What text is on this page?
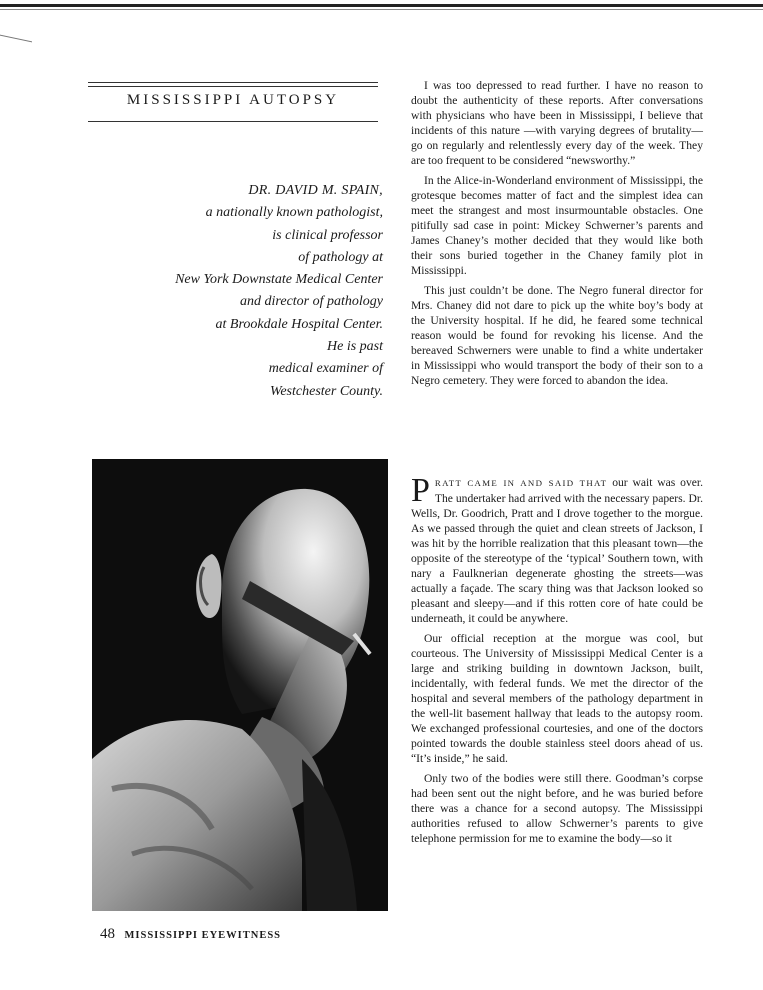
MISSISSIPPI AUTOPSY
DR. DAVID M. SPAIN,
a nationally known pathologist,
is clinical professor
of pathology at
New York Downstate Medical Center
and director of pathology
at Brookdale Hospital Center.
He is past
medical examiner of
Westchester County.

I was too depressed to read further. I have no reason to doubt the authenticity of these reports. After conversations with physicians who have been in Mississippi, I believe that incidents of this nature —with varying degrees of brutality—go on regularly and relentlessly every day of the week. They are too frequent to be considered “newsworthy.”

In the Alice-in-Wonderland environment of Mississippi, the grotesque becomes matter of fact and the simplest idea can meet the strangest and most insurmountable obstacles. One pitifully sad case in point: Mickey Schwerner’s parents and James Chaney’s mother decided that they would like both their sons buried together in the Chaney family plot in Mississippi.

This just couldn’t be done. The Negro funeral director for Mrs. Chaney did not dare to pick up the white boy’s body at the University hospital. If he did, he feared some technical reason would be found for revoking his license. And the bereaved Schwerners were unable to find a white undertaker in Mississippi who would transport the body of their son to a Negro cemetery. They were forced to abandon the idea.

PRATT CAME IN AND SAID THAT our wait was over. The undertaker had arrived with the necessary papers. Dr. Wells, Dr. Goodrich, Pratt and I drove together to the morgue. As we passed through the quiet and clean streets of Jackson, I was hit by the horrible realization that this pleasant town—the opposite of the stereotype of the ‘typical’ Southern town, with nary a Faulknerian degenerate ghosting the streets—was actually a façade. The scary thing was that Jackson looked so pleasant and sleepy—and if this rotten core of hate could be underneath, it could be anywhere.

Our official reception at the morgue was cool, but courteous. The University of Mississippi Medical Center is a large and striking building in downtown Jackson, built, incidentally, with federal funds. We met the director of the hospital and several members of the pathology department in the well-lit basement hallway that leads to the autopsy room. We exchanged professional courtesies, and one of the doctors pointed towards the double stainless steel doors ahead of us. “It’s inside,” he said.

Only two of the bodies were still there. Goodman’s corpse had been sent out the night before, and he was buried before there was a chance for a second autopsy. The Mississippi authorities refused to allow Schwerner’s parents to give telephone permission for me to examine the body—so it

48 MISSISSIPPI EYEWITNESS
